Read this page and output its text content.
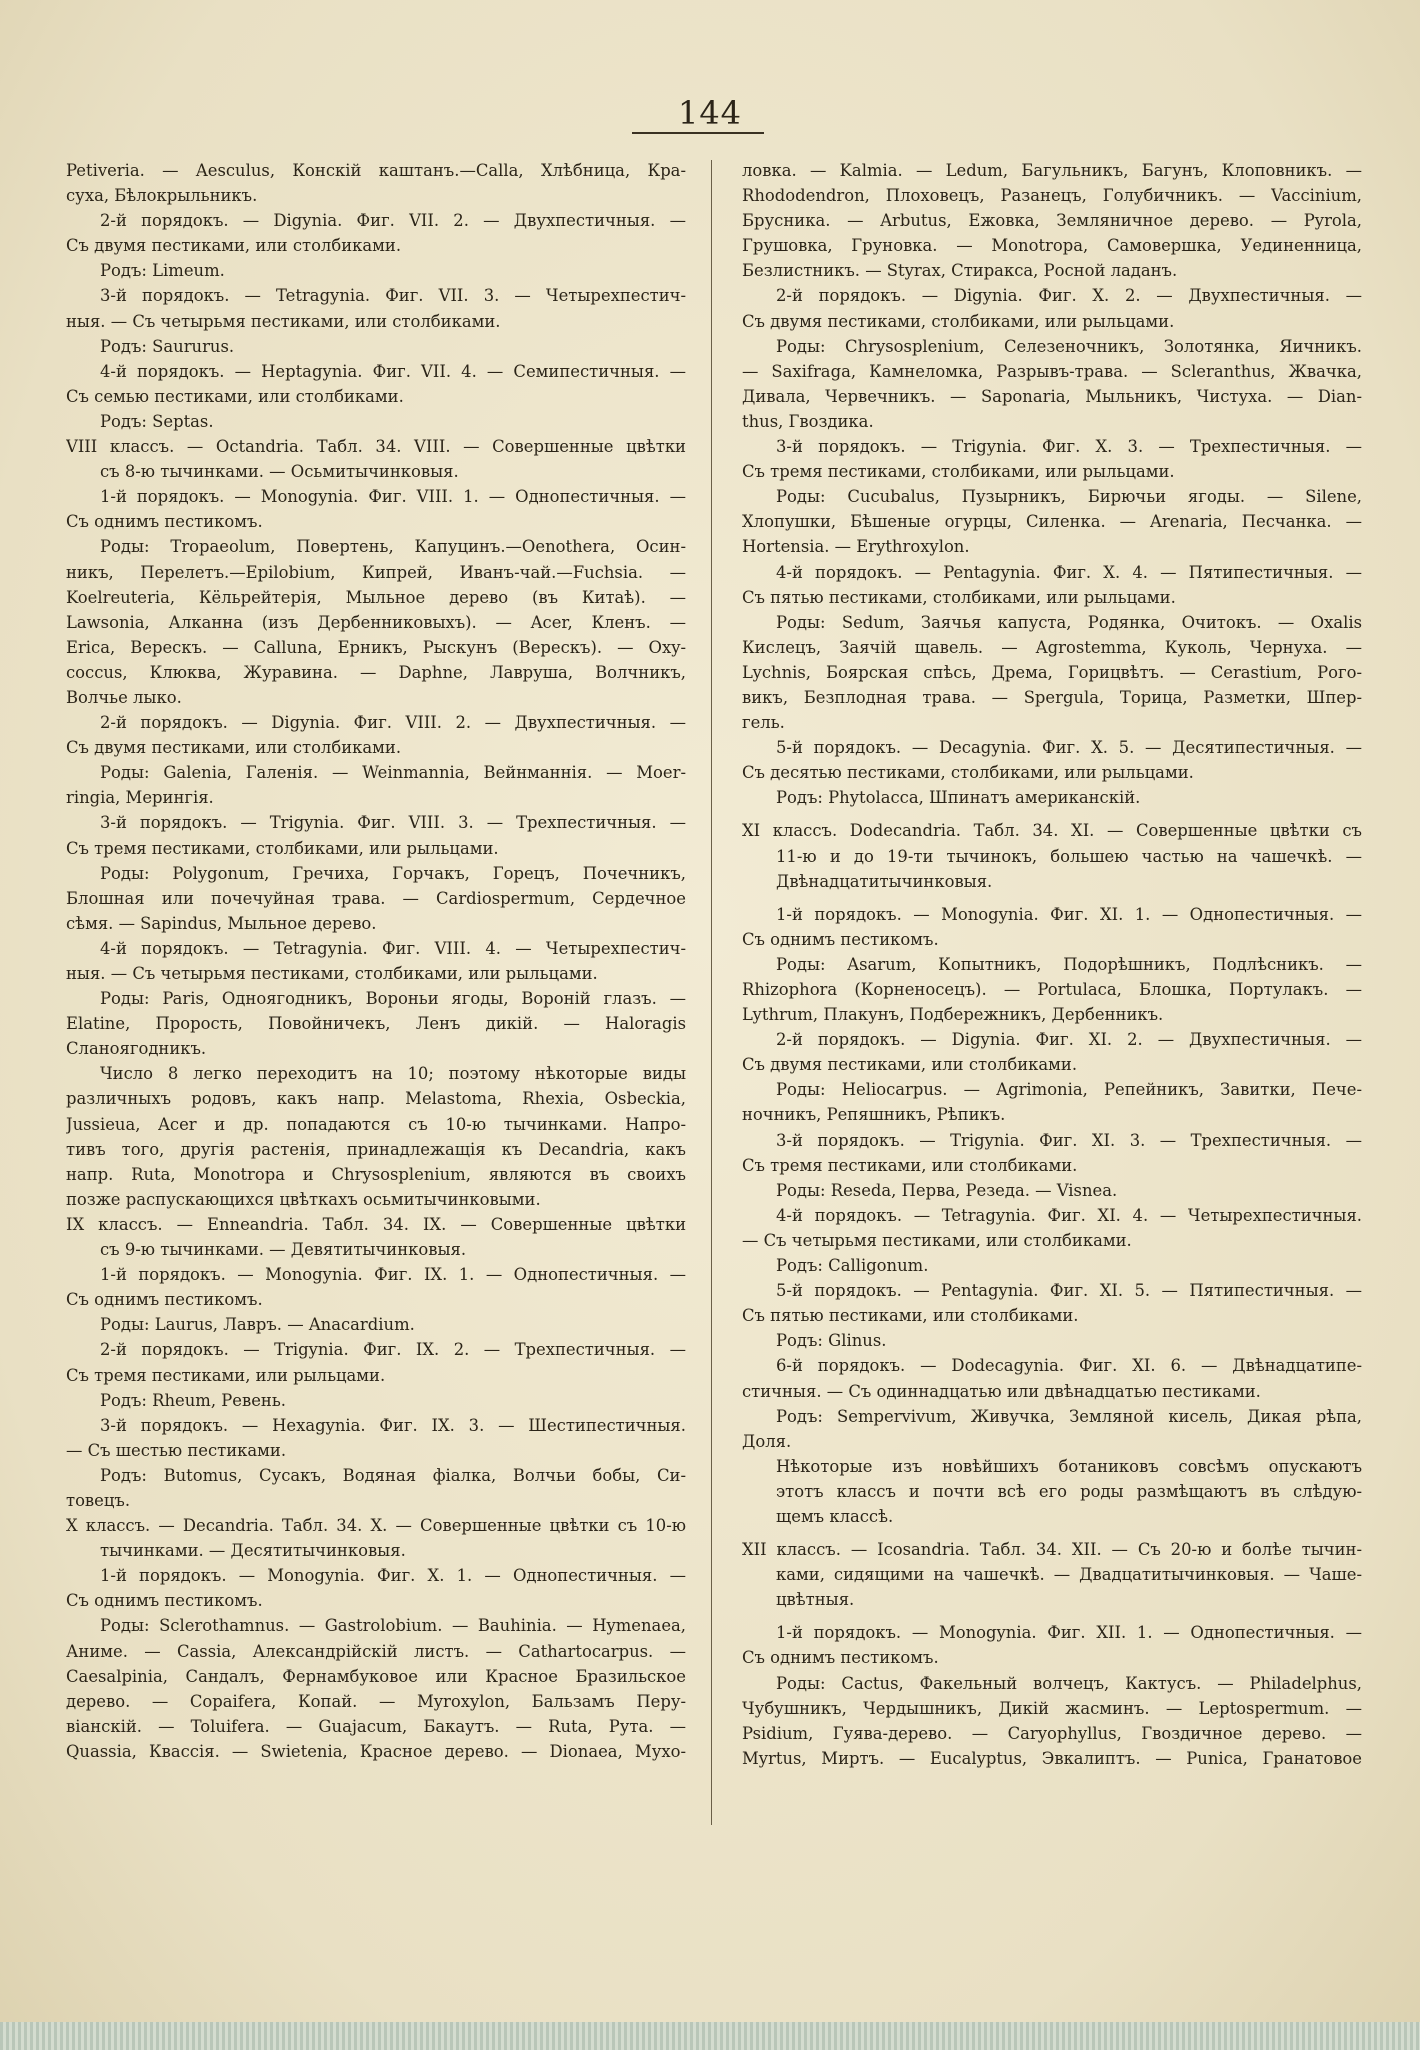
144
Petiveria. — Aesculus, Конскій каштанъ.—Calla, Хлѣбница, Кра-
суха, Бѣлокрыльникъ.
2-й порядокъ. — Digynia. Фиг. VII. 2. — Двухпестичныя. —
Съ двумя пестиками, или столбиками.
Родъ: Limeum.
3-й порядокъ. — Tetragynia. Фиг. VII. 3. — Четырехпестич-
ныя. — Съ четырьмя пестиками, или столбиками.
Родъ: Saururus.
4-й порядокъ. — Heptagynia. Фиг. VII. 4. — Семипестичныя. —
Съ семью пестиками, или столбиками.
Родъ: Septas.
VIII классъ. — Octandria. Табл. 34. VIII. — Совершенные цвѣтки
съ 8-ю тычинками. — Осьмитычинковыя.
1-й порядокъ. — Monogynia. Фиг. VIII. 1. — Однопестичныя. —
Съ однимъ пестикомъ.
Роды: Tropaeolum, Повертень, Капуцинъ.—Oenothera, Осин-
никъ, Перелетъ.—Epilobium, Кипрей, Иванъ-чай.—Fuchsia. —
Koelreuteria, Кёльрейтерія, Мыльное дерево (въ Китаѣ). —
Lawsonia, Алканна (изъ Дербенниковыхъ). — Acer, Кленъ. —
Erica, Верескъ. — Calluna, Ерникъ, Рыскунъ (Верескъ). — Oxy-
coccus, Клюква, Журавина. — Daphne, Лавруша, Волчникъ,
Волчье лыко.
2-й порядокъ. — Digynia. Фиг. VIII. 2. — Двухпестичныя. —
Съ двумя пестиками, или столбиками.
Роды: Galenia, Галенія. — Weinmannia, Вейнманнія. — Moer-
ringia, Мерингія.
3-й порядокъ. — Trigynia. Фиг. VIII. 3. — Трехпестичныя. —
Съ тремя пестиками, столбиками, или рыльцами.
Роды: Polygonum, Гречиха, Горчакъ, Горецъ, Почечникъ,
Блошная или почечуйная трава. — Cardiospermum, Сердечное
сѣмя. — Sapindus, Мыльное дерево.
4-й порядокъ. — Tetragynia. Фиг. VIII. 4. — Четырехпестич-
ныя. — Съ четырьмя пестиками, столбиками, или рыльцами.
Роды: Paris, Одноягодникъ, Вороньи ягоды, Вороній глазъ. —
Elatine, Прорость, Повойничекъ, Ленъ дикій. — Haloragis
Сланоягодникъ.
Число 8 легко переходитъ на 10; поэтому нѣкоторые виды
различныхъ родовъ, какъ напр. Melastoma, Rhexia, Osbeckia,
Jussieua, Acer и др. попадаются съ 10-ю тычинками. Напро-
тивъ того, другія растенія, принадлежащія къ Decandria, какъ
напр. Ruta, Monotropa и Chrysosplenium, являются въ своихъ
позже распускающихся цвѣткахъ осьмитычинковыми.
IX классъ. — Enneandria. Табл. 34. IX. — Совершенные цвѣтки
съ 9-ю тычинками. — Девятитычинковыя.
1-й порядокъ. — Monogynia. Фиг. IX. 1. — Однопестичныя. —
Съ однимъ пестикомъ.
Роды: Laurus, Лавръ. — Anacardium.
2-й порядокъ. — Trigynia. Фиг. IX. 2. — Трехпестичныя. —
Съ тремя пестиками, или рыльцами.
Родъ: Rheum, Ревень.
3-й порядокъ. — Hexagynia. Фиг. IX. 3. — Шестипестичныя.
— Съ шестью пестиками.
Родъ: Butomus, Сусакъ, Водяная фіалка, Волчьи бобы, Си-
товецъ.
X классъ. — Decandria. Табл. 34. X. — Совершенные цвѣтки съ 10-ю
тычинками. — Десятитычинковыя.
1-й порядокъ. — Monogynia. Фиг. X. 1. — Однопестичныя. —
Съ однимъ пестикомъ.
Роды: Sclerothamnus. — Gastrolobium. — Bauhinia. — Hymenaea,
Аниме. — Cassia, Александрійскій листъ. — Cathartocarpus. —
Caesalpinia, Сандалъ, Фернамбуковое или Красное Бразильское
дерево. — Copaifera, Копай. — Myroxylon, Бальзамъ Перу-
віанскій. — Toluifera. — Guajacum, Бакаутъ. — Ruta, Рута. —
Quassia, Квассія. — Swietenia, Красное дерево. — Dionaea, Мухо-
ловка. — Kalmia. — Ledum, Багульникъ, Багунъ, Клоповникъ. —
Rhododendron, Плоховецъ, Разанецъ, Голубичникъ. — Vaccinium,
Брусника. — Arbutus, Ежовка, Земляничное дерево. — Pyrola,
Грушовка, Груновка. — Monotropa, Самовершка, Уединенница,
Безлистникъ. — Styrax, Стиракса, Росной ладанъ.
2-й порядокъ. — Digynia. Фиг. X. 2. — Двухпестичныя. —
Съ двумя пестиками, столбиками, или рыльцами.
Роды: Chrysosplenium, Селезеночникъ, Золотянка, Яичникъ.
— Saxifraga, Камнеломка, Разрывъ-трава. — Scleranthus, Жвачка,
Дивала, Червечникъ. — Saponaria, Мыльникъ, Чистуха. — Dian-
thus, Гвоздика.
3-й порядокъ. — Trigynia. Фиг. X. 3. — Трехпестичныя. —
Съ тремя пестиками, столбиками, или рыльцами.
Роды: Cucubalus, Пузырникъ, Бирючьи ягоды. — Silene,
Хлопушки, Бѣшеные огурцы, Силенка. — Arenaria, Песчанка. —
Hortensia. — Erythroxylon.
4-й порядокъ. — Pentagynia. Фиг. X. 4. — Пятипестичныя. —
Съ пятью пестиками, столбиками, или рыльцами.
Роды: Sedum, Заячья капуста, Родянка, Очитокъ. — Oxalis
Кислецъ, Заячій щавель. — Agrostemma, Куколь, Чернуха. —
Lychnis, Боярская спѣсь, Дрема, Горицвѣтъ. — Cerastium, Рого-
викъ, Безплодная трава. — Spergula, Торица, Разметки, Шпер-
гель.
5-й порядокъ. — Decagynia. Фиг. X. 5. — Десятипестичныя. —
Съ десятью пестиками, столбиками, или рыльцами.
Родъ: Phytolacca, Шпинатъ американскій.
XI классъ. Dodecandria. Табл. 34. XI. — Совершенные цвѣтки съ
11-ю и до 19-ти тычинокъ, большею частью на чашечкѣ. —
Двѣнадцатитычинковыя.
1-й порядокъ. — Monogynia. Фиг. XI. 1. — Однопестичныя. —
Съ однимъ пестикомъ.
Роды: Asarum, Копытникъ, Подорѣшникъ, Подлѣсникъ. —
Rhizophora (Корненосецъ). — Portulaca, Блошка, Портулакъ. —
Lythrum, Плакунъ, Подбережникъ, Дербенникъ.
2-й порядокъ. — Digynia. Фиг. XI. 2. — Двухпестичныя. —
Съ двумя пестиками, или столбиками.
Роды: Heliocarpus. — Agrimonia, Репейникъ, Завитки, Пече-
ночникъ, Репяшникъ, Рѣпикъ.
3-й порядокъ. — Trigynia. Фиг. XI. 3. — Трехпестичныя. —
Съ тремя пестиками, или столбиками.
Роды: Reseda, Перва, Резеда. — Visnea.
4-й порядокъ. — Tetragynia. Фиг. XI. 4. — Четырехпестичныя.
— Съ четырьмя пестиками, или столбиками.
Родъ: Calligonum.
5-й порядокъ. — Pentagynia. Фиг. XI. 5. — Пятипестичныя. —
Съ пятью пестиками, или столбиками.
Родъ: Glinus.
6-й порядокъ. — Dodecagynia. Фиг. XI. 6. — Двѣнадцатипе-
стичныя. — Съ одиннадцатью или двѣнадцатью пестиками.
Родъ: Sempervivum, Живучка, Земляной кисель, Дикая рѣпа,
Доля.
Нѣкоторые изъ новѣйшихъ ботаниковъ совсѣмъ опускаютъ
этотъ классъ и почти всѣ его роды размѣщаютъ въ слѣдую-
щемъ классѣ.
XII классъ. — Icosandria. Табл. 34. XII. — Съ 20-ю и болѣе тычин-
ками, сидящими на чашечкѣ. — Двадцатитычинковыя. — Чаше-
цвѣтныя.
1-й порядокъ. — Monogynia. Фиг. XII. 1. — Однопестичныя. —
Съ однимъ пестикомъ.
Роды: Cactus, Факельный волчецъ, Кактусъ. — Philadelphus,
Чубушникъ, Чердышникъ, Дикій жасминъ. — Leptospermum. —
Psidium, Гуява-дерево. — Caryophyllus, Гвоздичное дерево. —
Myrtus, Миртъ. — Eucalyptus, Эвкалиптъ. — Punica, Гранатовое
